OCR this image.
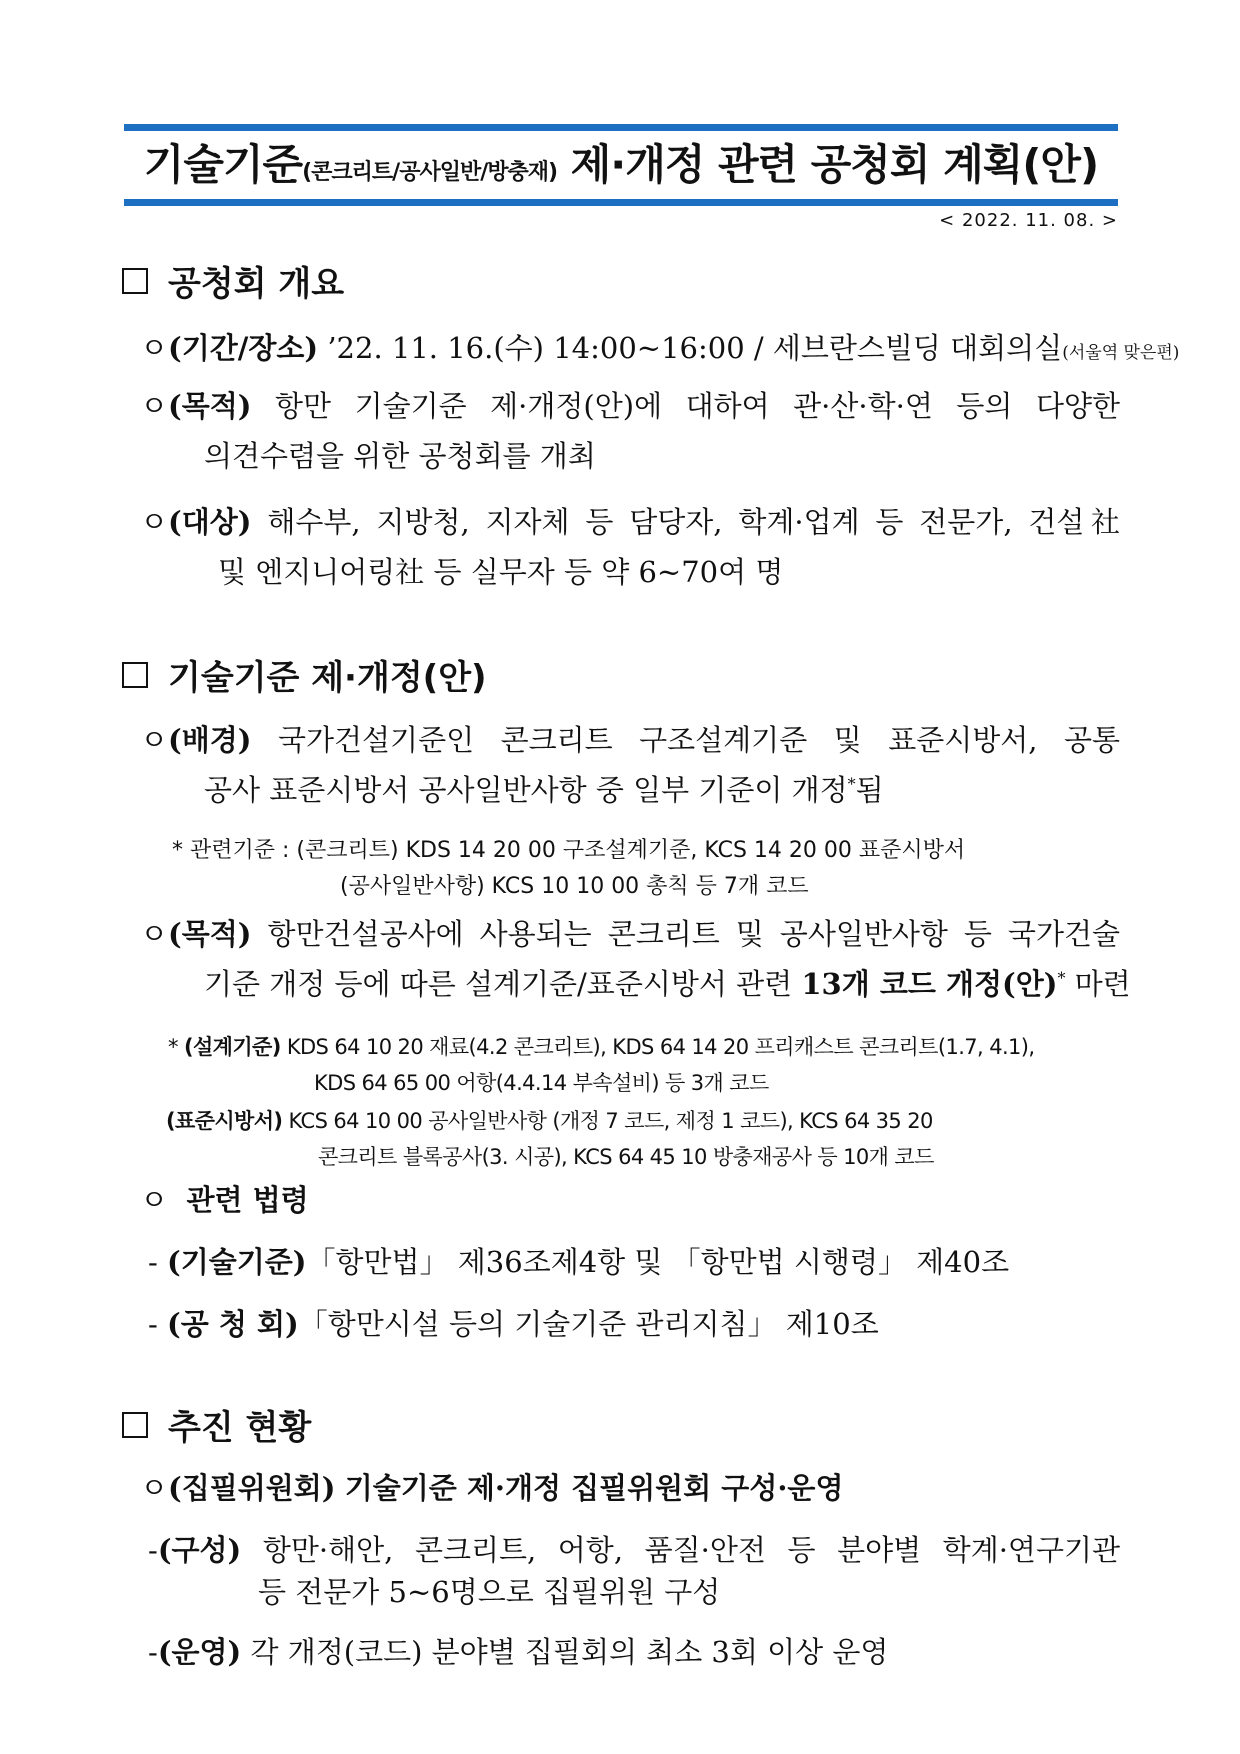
기술기준(콘크리트/공사일반/방충재) 제·개정 관련 공청회 계획(안)
< 2022. 11. 08. >
공청회 개요
ㅇ(기간/장소) ’22. 11. 16.(수) 14:00~16:00 / 세브란스빌딩 대회의실(서울역 맞은편)
ㅇ(목적) 항만 기술기준 제·개정(안)에 대하여 관·산·학·연 등의 다양한
의견수렴을 위한 공청회를 개최
ㅇ(대상) 해수부, 지방청, 지자체 등 담당자, 학계·업계 등 전문가, 건설社
및 엔지니어링社 등 실무자 등 약 6~70여 명
기술기준 제·개정(안)
ㅇ(배경) 국가건설기준인 콘크리트 구조설계기준 및 표준시방서, 공통
공사 표준시방서 공사일반사항 중 일부 기준이 개정*됨
* 관련기준 : (콘크리트) KDS 14 20 00 구조설계기준, KCS 14 20 00 표준시방서
(공사일반사항) KCS 10 10 00 총칙 등 7개 코드
ㅇ(목적) 항만건설공사에 사용되는 콘크리트 및 공사일반사항 등 국가건술
기준 개정 등에 따른 설계기준/표준시방서 관련 13개 코드 개정(안)* 마련
* (설계기준) KDS 64 10 20 재료(4.2 콘크리트), KDS 64 14 20 프리캐스트 콘크리트(1.7, 4.1),
KDS 64 65 00 어항(4.4.14 부속설비) 등 3개 코드
(표준시방서) KCS 64 10 00 공사일반사항 (개정 7 코드, 제정 1 코드), KCS 64 35 20
콘크리트 블록공사(3. 시공), KCS 64 45 10 방충재공사 등 10개 코드
ㅇ 관련 법령
- (기술기준)「항만법」 제36조제4항 및 「항만법 시행령」 제40조
- (공 청 회)「항만시설 등의 기술기준 관리지침」 제10조
추진 현황
ㅇ(집필위원회) 기술기준 제·개정 집필위원회 구성·운영
-(구성) 항만·해안, 콘크리트, 어항, 품질·안전 등 분야별 학계·연구기관
등 전문가 5~6명으로 집필위원 구성
-(운영) 각 개정(코드) 분야별 집필회의 최소 3회 이상 운영
